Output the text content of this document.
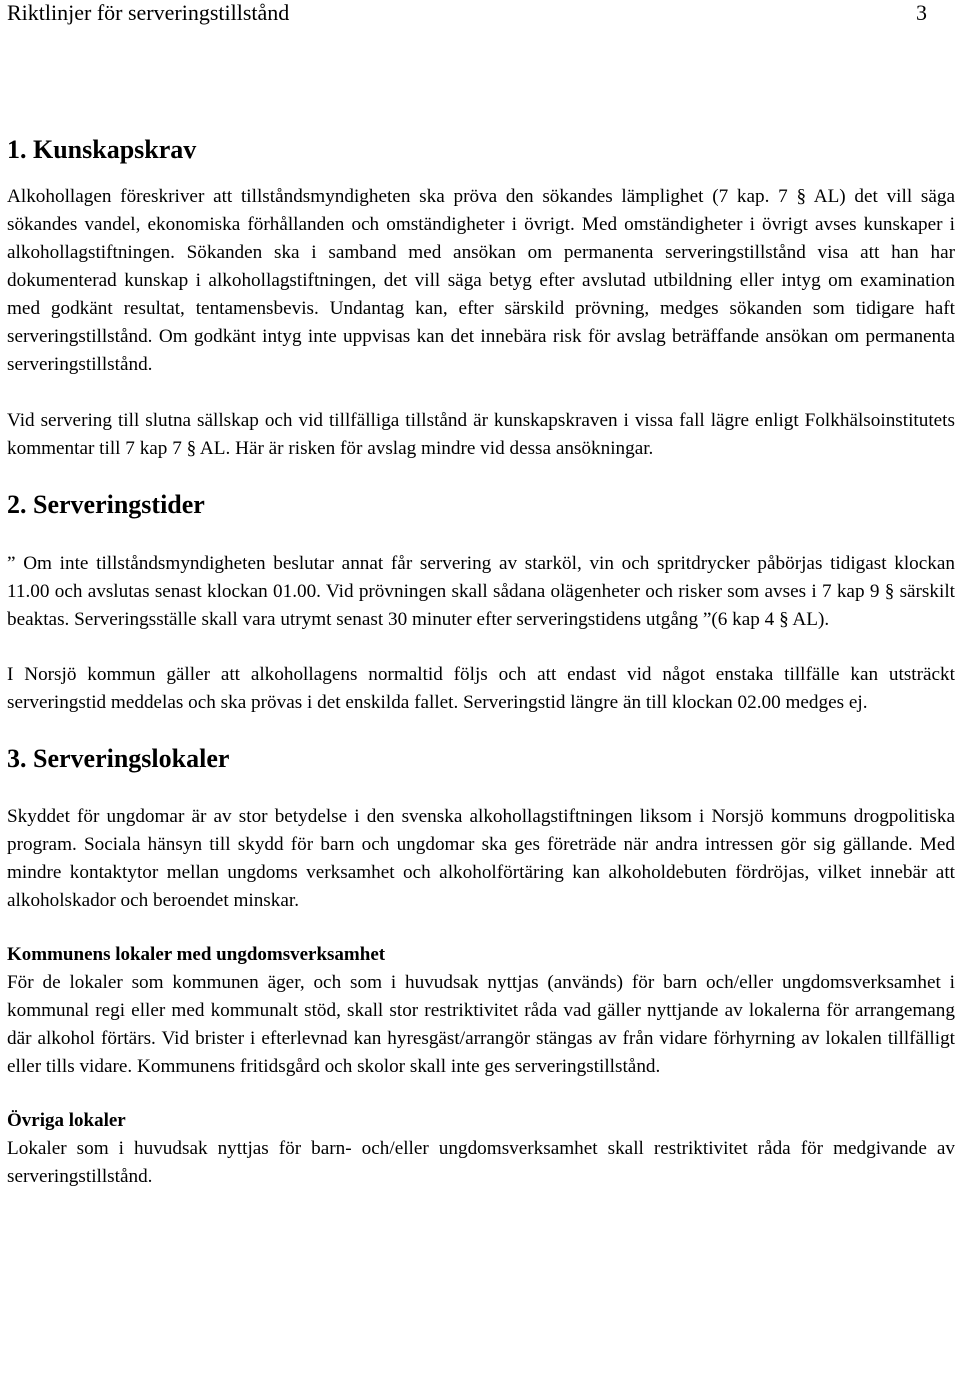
Riktlinjer för serveringstillstånd	3
1. Kunskapskrav

Alkohollagen föreskriver att tillståndsmyndigheten ska pröva den sökandes lämplighet (7 kap. 7 § AL) det vill säga sökandes vandel, ekonomiska förhållanden och omständigheter i övrigt. Med omständigheter i övrigt avses kunskaper i alkohollagstiftningen. Sökanden ska i samband med ansökan om permanenta serveringstillstånd visa att han har dokumenterad kunskap i alkohollagstiftningen, det vill säga betyg efter avslutad utbildning eller intyg om examination med godkänt resultat, tentamensbevis. Undantag kan, efter särskild prövning, medges sökanden som tidigare haft serveringstillstånd. Om godkänt intyg inte uppvisas kan det innebära risk för avslag beträffande ansökan om permanenta serveringstillstånd.

Vid servering till slutna sällskap och vid tillfälliga tillstånd är kunskapskraven i vissa fall lägre enligt Folkhälsoinstitutets kommentar till 7 kap 7 § AL. Här är risken för avslag mindre vid dessa ansökningar.

2. Serveringstider

” Om inte tillståndsmyndigheten beslutar annat får servering av starköl, vin och spritdrycker påbörjas tidigast klockan 11.00 och avslutas senast klockan 01.00. Vid prövningen skall sådana olägenheter och risker som avses i 7 kap 9 § särskilt beaktas. Serveringsställe skall vara utrymt senast 30 minuter efter serveringstidens utgång ”(6 kap 4 § AL).

I Norsjö kommun gäller att alkohollagens normaltid följs och att endast vid något enstaka tillfälle kan utsträckt serveringstid meddelas och ska prövas i det enskilda fallet. Serveringstid längre än till klockan 02.00 medges ej.

3. Serveringslokaler

Skyddet för ungdomar är av stor betydelse i den svenska alkohollagstiftningen liksom i Norsjö kommuns drogpolitiska program. Sociala hänsyn till skydd för barn och ungdomar ska ges företräde när andra intressen gör sig gällande. Med mindre kontaktytor mellan ungdoms verksamhet och alkoholförtäring kan alkoholdebuten fördröjas, vilket innebär att alkoholskador och beroendet minskar.

Kommunens lokaler med ungdomsverksamhet

För de lokaler som kommunen äger, och som i huvudsak nyttjas (används) för barn och/eller ungdomsverksamhet i kommunal regi eller med kommunalt stöd, skall stor restriktivitet råda vad gäller nyttjande av lokalerna för arrangemang där alkohol förtärs. Vid brister i efterlevnad kan hyresgäst/arrangör stängas av från vidare förhyrning av lokalen tillfälligt eller tills vidare. Kommunens fritidsgård och skolor skall inte ges serveringstillstånd.

Övriga lokaler

Lokaler som i huvudsak nyttjas för barn- och/eller ungdomsverksamhet skall restriktivitet råda för medgivande av serveringstillstånd.
